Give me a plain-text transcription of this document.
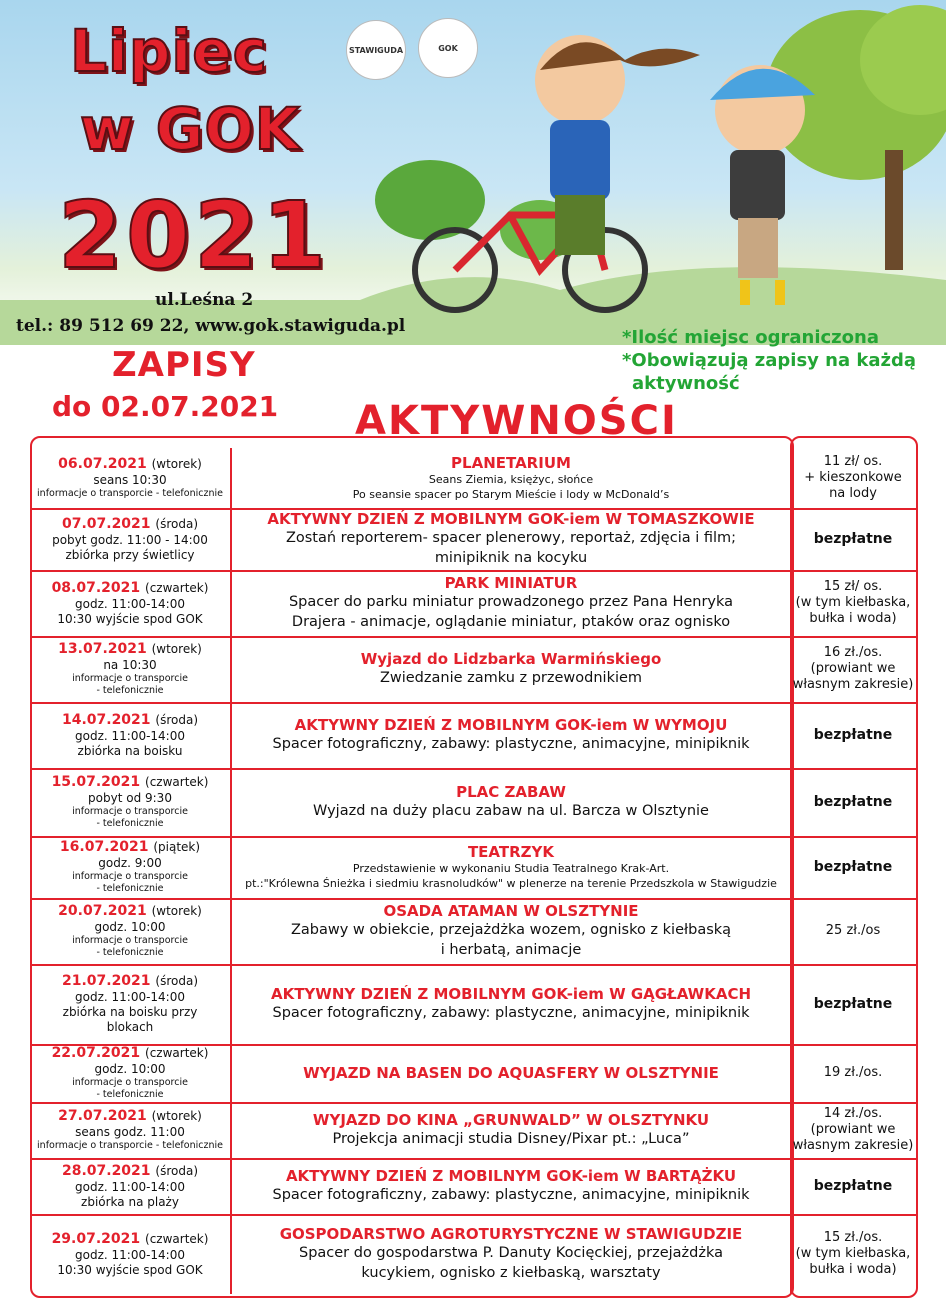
Lipiec
w GOK
2021
STAWIGUDA	GOK
ul.Leśna 2
tel.: 89 512 69 22, www.gok.stawiguda.pl
*Ilość miejsc ograniczona
*Obowiązują zapisy na każdą
aktywność
ZAPISY
do 02.07.2021 AKTYWNOŚCI
06.07.2021 (wtorek)
seans 10:30
informacje o transporcie - telefonicznie
PLANETARIUM
Seans Ziemia, księżyc, słońce
Po seansie spacer po Starym Mieście i lody w McDonald’s
11 zł/ os.
+ kieszonkowe
na lody
07.07.2021 (środa)
pobyt godz. 11:00 - 14:00
zbiórka przy świetlicy
AKTYWNY DZIEŃ Z MOBILNYM GOK-iem W TOMASZKOWIE
Zostań reporterem- spacer plenerowy, reportaż, zdjęcia i film;
minipiknik na kocyku
bezpłatne
08.07.2021 (czwartek)
godz. 11:00-14:00
10:30 wyjście spod GOK
PARK MINIATUR
Spacer do parku miniatur prowadzonego przez Pana Henryka
Drajera - animacje, oglądanie miniatur, ptaków oraz ognisko
15 zł/ os.
(w tym kiełbaska,
bułka i woda)
13.07.2021 (wtorek)
na 10:30
informacje o transporcie
- telefonicznie
Wyjazd do Lidzbarka Warmińskiego
Zwiedzanie zamku z przewodnikiem
16 zł./os.
(prowiant we
własnym zakresie)
14.07.2021 (środa)
godz. 11:00-14:00
zbiórka na boisku
AKTYWNY DZIEŃ Z MOBILNYM GOK-iem W WYMOJU
Spacer fotograficzny, zabawy: plastyczne, animacyjne, minipiknik
bezpłatne
15.07.2021 (czwartek)
pobyt od 9:30
informacje o transporcie
- telefonicznie
PLAC ZABAW
Wyjazd na duży placu zabaw na ul. Barcza w Olsztynie
bezpłatne
16.07.2021 (piątek)
godz. 9:00
informacje o transporcie
- telefonicznie
TEATRZYK
Przedstawienie w wykonaniu Studia Teatralnego Krak-Art.
pt.:"Królewna Śnieżka i siedmiu krasnoludków" w plenerze na terenie Przedszkola w Stawigudzie
bezpłatne
20.07.2021 (wtorek)
godz. 10:00
informacje o transporcie
- telefonicznie
OSADA ATAMAN W OLSZTYNIE
Zabawy w obiekcie, przejażdżka wozem, ognisko z kiełbaską
i herbatą, animacje
25 zł./os
21.07.2021 (środa)
godz. 11:00-14:00
zbiórka na boisku przy
blokach
AKTYWNY DZIEŃ Z MOBILNYM GOK-iem W GĄGŁAWKACH
Spacer fotograficzny, zabawy: plastyczne, animacyjne, minipiknik
bezpłatne
22.07.2021 (czwartek)
godz. 10:00
informacje o transporcie
- telefonicznie
WYJAZD NA BASEN DO AQUASFERY W OLSZTYNIE	19 zł./os.
27.07.2021 (wtorek)
seans godz. 11:00
informacje o transporcie - telefonicznie
WYJAZD DO KINA „GRUNWALD” W OLSZTYNKU
Projekcja animacji studia Disney/Pixar pt.: „Luca”
14 zł./os.
(prowiant we
własnym zakresie)
28.07.2021 (środa)
godz. 11:00-14:00
zbiórka na plaży
AKTYWNY DZIEŃ Z MOBILNYM GOK-iem W BARTĄŻKU
Spacer fotograficzny, zabawy: plastyczne, animacyjne, minipiknik
bezpłatne
29.07.2021 (czwartek)
godz. 11:00-14:00
10:30 wyjście spod GOK
GOSPODARSTWO AGROTURYSTYCZNE W STAWIGUDZIE
Spacer do gospodarstwa P. Danuty Kocięckiej, przejażdżka
kucykiem, ognisko z kiełbaską, warsztaty
15 zł./os.
(w tym kiełbaska,
bułka i woda)
